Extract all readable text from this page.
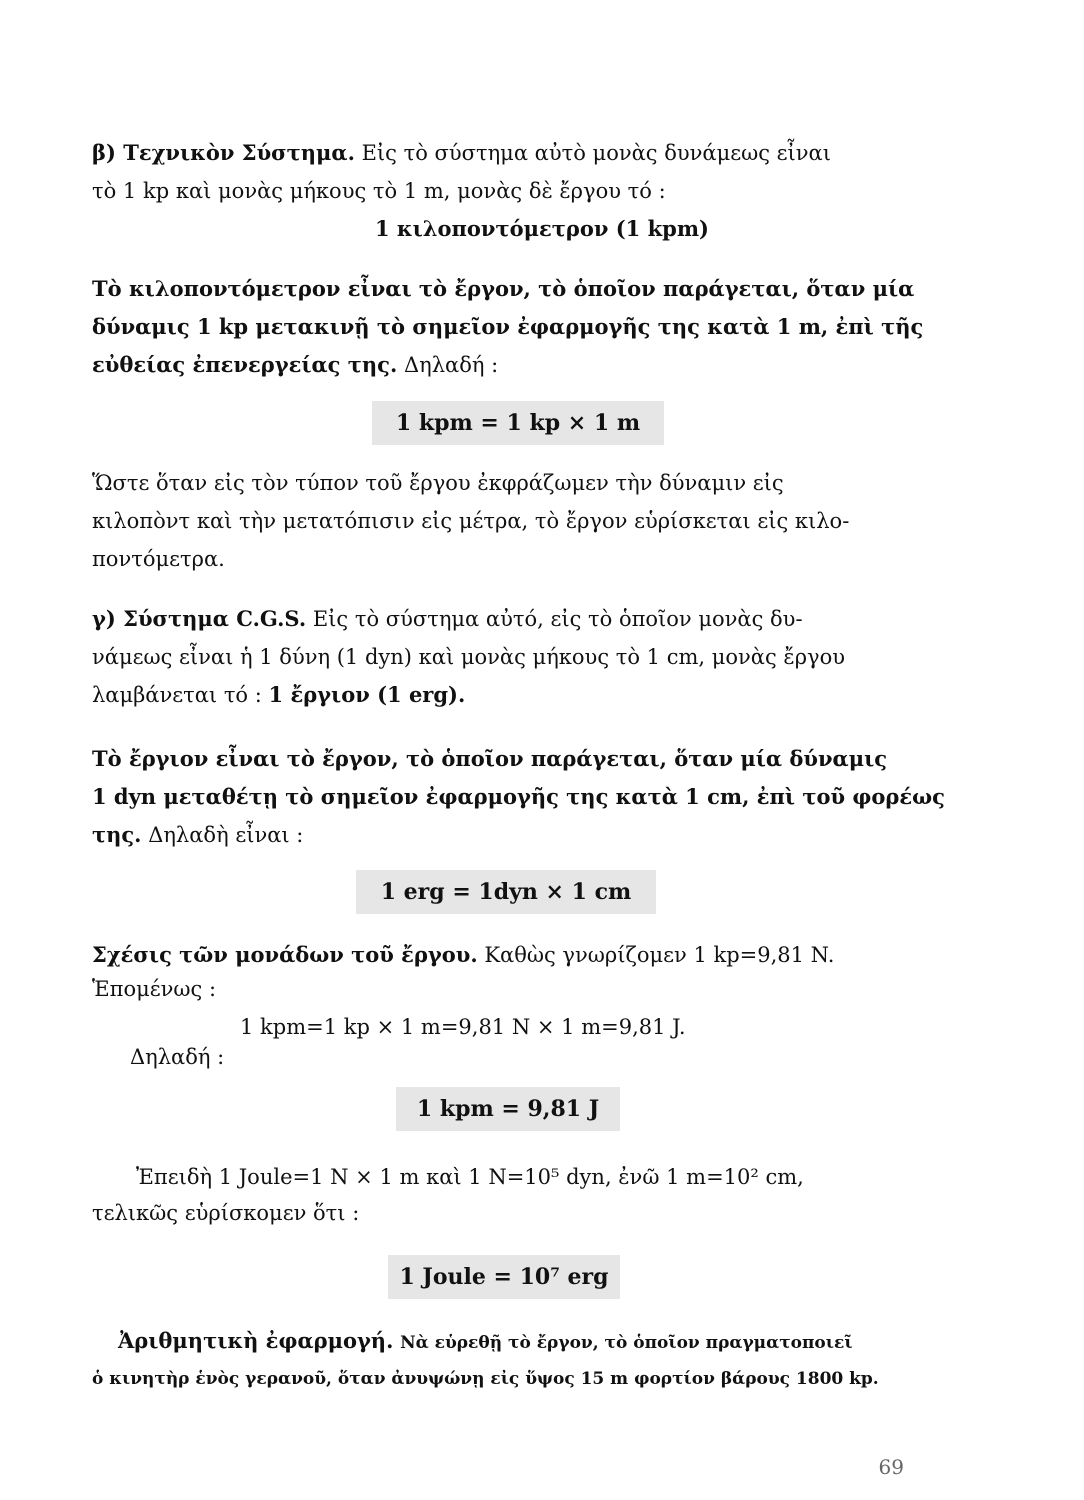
β) Τεχνικὸν Σύστημα. Εἰς τὸ σύστημα αὐτὸ μονὰς δυνάμεως εἶναι
τὸ 1 kp καὶ μονὰς μήκους τὸ 1 m, μονὰς δὲ ἔργου τό :
1 κιλοποντόμετρον (1 kpm)
Τὸ κιλοποντόμετρον εἶναι τὸ ἔργον, τὸ ὁποῖον παράγεται, ὅταν μία
δύναμις 1 kp μετακινῇ τὸ σημεῖον ἐφαρμογῆς της κατὰ 1 m, ἐπὶ τῆς
εὐθείας ἐπενεργείας της. Δηλαδή :
1 kpm = 1 kp × 1 m
Ὥστε ὅταν εἰς τὸν τύπον τοῦ ἔργου ἐκφράζωμεν τὴν δύναμιν εἰς
κιλοπὸντ καὶ τὴν μετατόπισιν εἰς μέτρα, τὸ ἔργον εὑρίσκεται εἰς κιλο-
ποντόμετρα.
γ) Σύστημα C.G.S. Εἰς τὸ σύστημα αὐτό, εἰς τὸ ὁποῖον μονὰς δυ-
νάμεως εἶναι ἡ 1 δύνη (1 dyn) καὶ μονὰς μήκους τὸ 1 cm, μονὰς ἔργου
λαμβάνεται τό : 1 ἔργιον (1 erg).
Τὸ ἔργιον εἶναι τὸ ἔργον, τὸ ὁποῖον παράγεται, ὅταν μία δύναμις
1 dyn μεταθέτῃ τὸ σημεῖον ἐφαρμογῆς της κατὰ 1 cm, ἐπὶ τοῦ φορέως
της. Δηλαδὴ εἶναι :
1 erg = 1dyn × 1 cm
Σχέσις τῶν μονάδων τοῦ ἔργου. Καθὼς γνωρίζομεν 1 kp=9,81 N.
Ἑπομένως :
1 kpm=1 kp × 1 m=9,81 N × 1 m=9,81 J.
Δηλαδή :
1 kpm = 9,81 J
Ἐπειδὴ 1 Joule=1 N × 1 m καὶ 1 N=10⁵ dyn, ἐνῶ 1 m=10² cm,
τελικῶς εὑρίσκομεν ὅτι :
1 Joule = 10⁷ erg
Ἀριθμητικὴ ἐφαρμογή. Νὰ εὑρεθῇ τὸ ἔργον, τὸ ὁποῖον πραγματοποιεῖ
ὁ κινητὴρ ἑνὸς γερανοῦ, ὅταν ἀνυψώνῃ εἰς ὕψος 15 m φορτίον βάρους 1800 kp.
69
